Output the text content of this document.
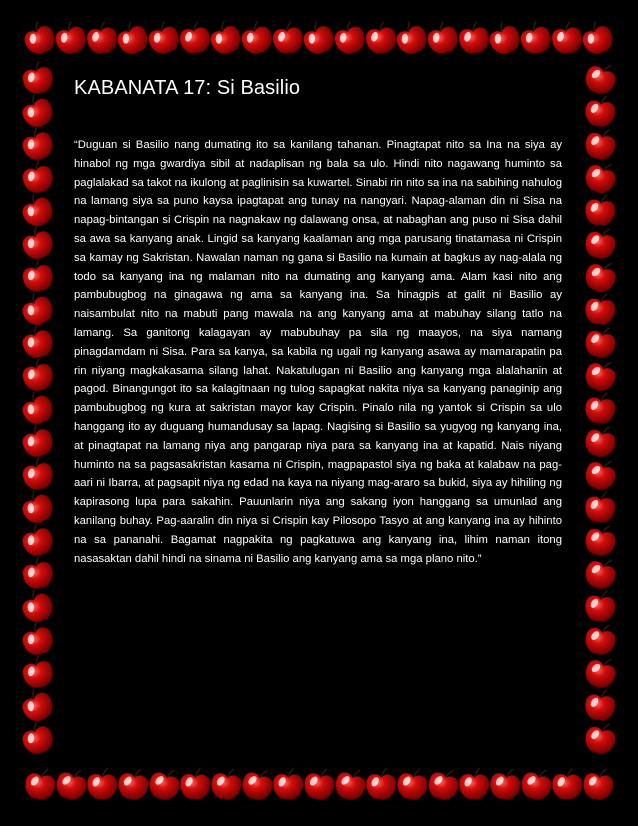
KABANATA 17: Si Basilio

“Duguan si Basilio nang dumating ito sa kanilang tahanan. Pinagtapat nito sa Ina na siya ay hinabol ng mga gwardiya sibil at nadaplisan ng bala sa ulo. Hindi nito nagawang huminto sa paglalakad sa takot na ikulong at paglinisin sa kuwartel. Sinabi rin nito sa ina na sabihing nahulog na lamang siya sa puno kaysa ipagtapat ang tunay na nangyari. Napag-alaman din ni Sisa na napag-bintangan si Crispin na nagnakaw ng dalawang onsa, at nabaghan ang puso ni Sisa dahil sa awa sa kanyang anak. Lingid sa kanyang kaalaman ang mga parusang tinatamasa ni Crispin sa kamay ng Sakristan. Nawalan naman ng gana si Basilio na kumain at bagkus ay nag-alala ng todo sa kanyang ina ng malaman nito na dumating ang kanyang ama. Alam kasi nito ang pambubugbog na ginagawa ng ama sa kanyang ina. Sa hinagpis at galit ni Basilio ay naisambulat nito na mabuti pang mawala na ang kanyang ama at mabuhay silang tatlo na lamang. Sa ganitong kalagayan ay mabubuhay pa sila ng maayos, na siya namang pinagdamdam ni Sisa. Para sa kanya, sa kabila ng ugali ng kanyang asawa ay mamarapatin pa rin niyang magkakasama silang lahat. Nakatulugan ni Basilio ang kanyang mga alalahanin at pagod. Binangungot ito sa kalagitnaan ng tulog sapagkat nakita niya sa kanyang panaginip ang pambubugbog ng kura at sakristan mayor kay Crispin. Pinalo nila ng yantok si Crispin sa ulo hanggang ito ay duguang humandusay sa lapag. Nagising si Basilio sa yugyog ng kanyang ina, at pinagtapat na lamang niya ang pangarap niya para sa kanyang ina at kapatid. Nais niyang huminto na sa pagsasakristan kasama ni Crispin, magpapastol siya ng baka at kalabaw na pag-aari ni Ibarra, at pagsapit niya ng edad na kaya na niyang mag-araro sa bukid, siya ay hihiling ng kapirasong lupa para sakahin. Pauunlarin niya ang sakang iyon hanggang sa umunlad ang kanilang buhay. Pag-aaralin din niya si Crispin kay Pilosopo Tasyo at ang kanyang ina ay hihinto na sa pananahi. Bagamat nagpakita ng pagkatuwa ang kanyang ina, lihim naman itong nasasaktan dahil hindi na sinama ni Basilio ang kanyang ama sa mga plano nito.”
